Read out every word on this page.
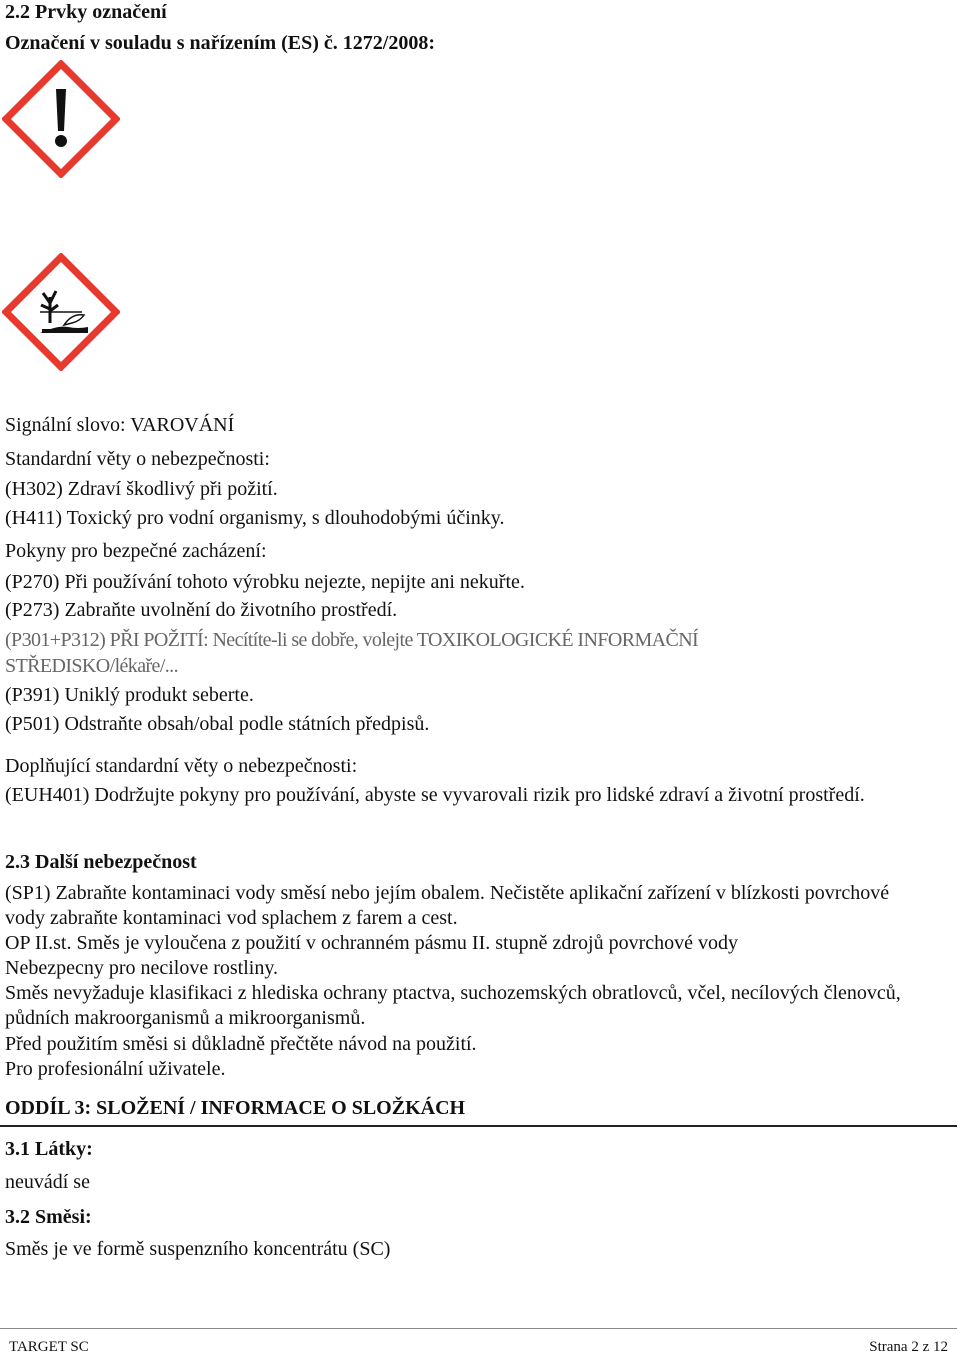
2.2 Prvky označení
Označení v souladu s nařízením (ES) č. 1272/2008:
Signální slovo: VAROVÁNÍ
Standardní věty o nebezpečnosti:
(H302) Zdraví škodlivý při požití.
(H411) Toxický pro vodní organismy, s dlouhodobými účinky.
Pokyny pro bezpečné zacházení:
(P270) Při používání tohoto výrobku nejezte, nepijte ani nekuřte.
(P273) Zabraňte uvolnění do životního prostředí.
(P301+P312) PŘI POŽITÍ: Necítíte-li se dobře, volejte TOXIKOLOGICKÉ INFORMAČNÍ
STŘEDISKO/lékaře/...
(P391) Uniklý produkt seberte.
(P501) Odstraňte obsah/obal podle státních předpisů.
Doplňující standardní věty o nebezpečnosti:
(EUH401) Dodržujte pokyny pro používání, abyste se vyvarovali rizik pro lidské zdraví a životní prostředí.
2.3 Další nebezpečnost
(SP1) Zabraňte kontaminaci vody směsí nebo jejím obalem. Nečistěte aplikační zařízení v blízkosti povrchové
vody zabraňte kontaminaci vod splachem z farem a cest.
OP II.st. Směs je vyloučena z použití v ochranném pásmu II. stupně zdrojů povrchové vody
Nebezpecny pro necilove rostliny.
Směs nevyžaduje klasifikaci z hlediska ochrany ptactva, suchozemských obratlovců, včel, necílových členovců,
půdních makroorganismů a mikroorganismů.
Před použitím směsi si důkladně přečtěte návod na použití.
Pro profesionální uživatele.
ODDÍL 3: SLOŽENÍ / INFORMACE O SLOŽKÁCH
3.1 Látky:
neuvádí se
3.2 Směsi:
Směs je ve formě suspenzního koncentrátu (SC)
TARGET SC	Strana 2 z 12
